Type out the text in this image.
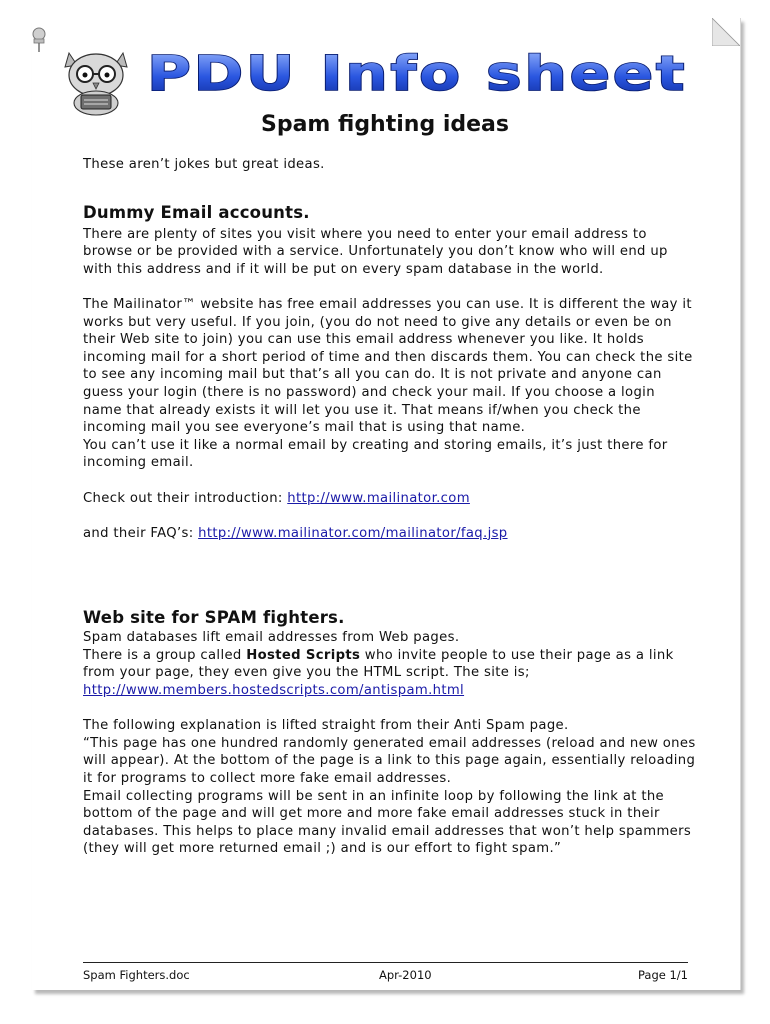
PDU Info sheet
Spam fighting ideas

These aren’t jokes but great ideas.

Dummy Email accounts.

There are plenty of sites you visit where you need to enter your email address to browse or be provided with a service. Unfortunately you don’t know who will end up with this address and if it will be put on every spam database in the world.

The Mailinator™ website has free email addresses you can use. It is different the way it works but very useful. If you join, (you do not need to give any details or even be on their Web site to join) you can use this email address whenever you like. It holds incoming mail for a short period of time and then discards them. You can check the site to see any incoming mail but that’s all you can do. It is not private and anyone can guess your login (there is no password) and check your mail. If you choose a login name that already exists it will let you use it. That means if/when you check the incoming mail you see everyone’s mail that is using that name.

You can’t use it like a normal email by creating and storing emails, it’s just there for incoming email.

Check out their introduction: http://www.mailinator.com

and their FAQ’s: http://www.mailinator.com/mailinator/faq.jsp

Web site for SPAM fighters.

Spam databases lift email addresses from Web pages.

There is a group called Hosted Scripts who invite people to use their page as a link from your page, they even give you the HTML script. The site is;

http://www.members.hostedscripts.com/antispam.html

The following explanation is lifted straight from their Anti Spam page.

“This page has one hundred randomly generated email addresses (reload and new ones will appear). At the bottom of the page is a link to this page again, essentially reloading it for programs to collect more fake email addresses.

Email collecting programs will be sent in an infinite loop by following the link at the bottom of the page and will get more and more fake email addresses stuck in their databases. This helps to place many invalid email addresses that won’t help spammers (they will get more returned email ;) and is our effort to fight spam.”

Spam Fighters.doc	Apr-2010	Page 1/1
